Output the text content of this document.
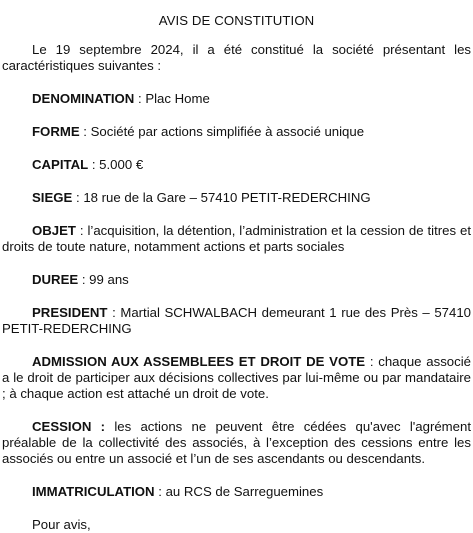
AVIS DE CONSTITUTION

Le 19 septembre 2024, il a été constitué la société présentant les caractéristiques suivantes :

DENOMINATION : Plac Home

FORME : Société par actions simplifiée à associé unique

CAPITAL : 5.000 €

SIEGE : 18 rue de la Gare – 57410 PETIT-REDERCHING

OBJET : l’acquisition, la détention, l’administration et la cession de titres et droits de toute nature, notamment actions et parts sociales

DUREE : 99 ans

PRESIDENT : Martial SCHWALBACH demeurant 1 rue des Près – 57410 PETIT-REDERCHING

ADMISSION AUX ASSEMBLEES ET DROIT DE VOTE : chaque associé a le droit de participer aux décisions collectives par lui-même ou par mandataire ; à chaque action est attaché un droit de vote.

CESSION : les actions ne peuvent être cédées qu'avec l'agrément préalable de la collectivité des associés, à l’exception des cessions entre les associés ou entre un associé et l’un de ses ascendants ou descendants.

IMMATRICULATION : au RCS de Sarreguemines

Pour avis,
